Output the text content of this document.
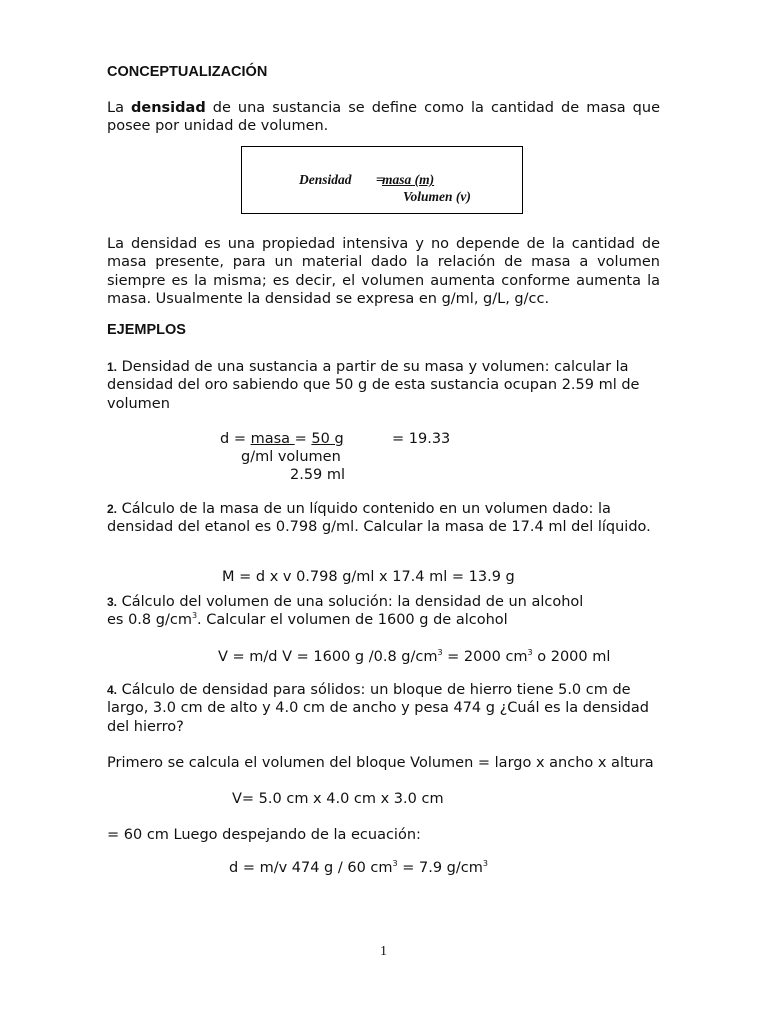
CONCEPTUALIZACIÓN

La densidad de una sustancia se define como la cantidad de masa que posee por unidad de volumen.

Densidad =
masa (m)
Volumen (v)

La densidad es una propiedad intensiva y no depende de la cantidad de masa presente, para un material dado la relación de masa a volumen siempre es la misma; es decir, el volumen aumenta conforme aumenta la masa. Usualmente la densidad se expresa en g/ml, g/L, g/cc.

EJEMPLOS

1. Densidad de una sustancia a partir de su masa y volumen: calcular la densidad del oro sabiendo que 50 g de esta sustancia ocupan 2.59 ml de volumen

d = masa = 50 g	= 19.33
g/ml volumen
2.59 ml

2. Cálculo de la masa de un líquido contenido en un volumen dado: la densidad del etanol es 0.798 g/ml. Calcular la masa de 17.4 ml del líquido.

M = d x v 0.798 g/ml x 17.4 ml = 13.9 g
3. Cálculo del volumen de una solución: la densidad de un alcohol
es 0.8 $g/cm^3$. Calcular el volumen de 1600 g de alcohol
V = m/d V = 1600 g /0.8 $g/cm^3 = 2000$ $cm^3$ o 2000 ml

4. Cálculo de densidad para sólidos: un bloque de hierro tiene 5.0 cm de largo, 3.0 cm de alto y 4.0 cm de ancho y pesa 474 g ¿Cuál es la densidad del hierro?

Primero se calcula el volumen del bloque Volumen = largo x ancho x altura
V= 5.0 cm x 4.0 cm x 3.0 cm
= 60 cm Luego despejando de la ecuación:
d = m/v 474 g / 60 $cm^3 = 7.9$ $g/cm^3$
1
